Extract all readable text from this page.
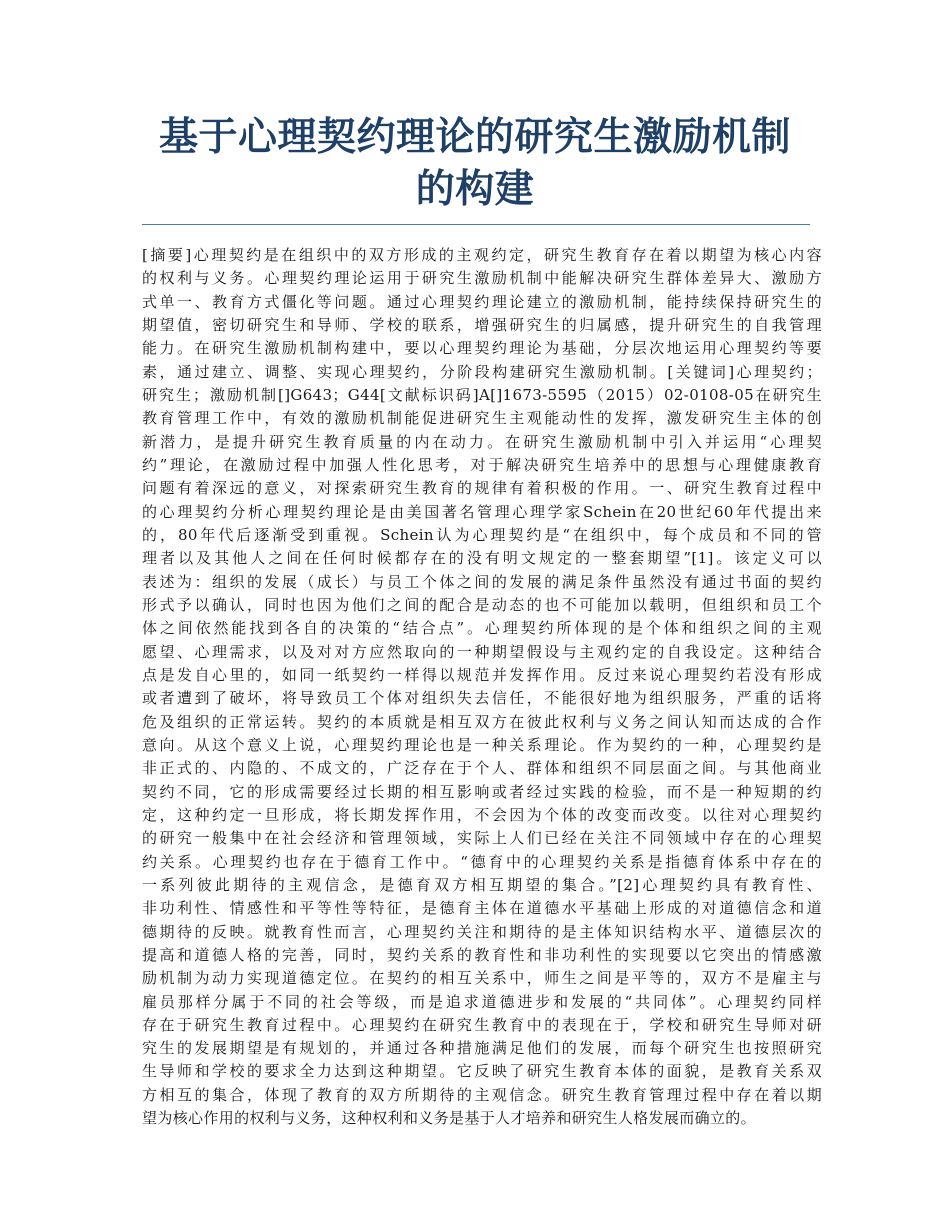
基于心理契约理论的研究生激励机制
的构建
[摘要]心理契约是在组织中的双方形成的主观约定，研究生教育存在着以期望为核心内容
的权利与义务。心理契约理论运用于研究生激励机制中能解决研究生群体差异大、激励方
式单一、教育方式僵化等问题。通过心理契约理论建立的激励机制，能持续保持研究生的
期望值，密切研究生和导师、学校的联系，增强研究生的归属感，提升研究生的自我管理
能力。在研究生激励机制构建中，要以心理契约理论为基础，分层次地运用心理契约等要
素，通过建立、调整、实现心理契约，分阶段构建研究生激励机制。[关键词]心理契约；
研究生；激励机制[]G643；G44[文献标识码]A[]1673-5595（2015）02-0108-05在研究生
教育管理工作中，有效的激励机制能促进研究生主观能动性的发挥，激发研究生主体的创
新潜力，是提升研究生教育质量的内在动力。在研究生激励机制中引入并运用“心理契
约”理论，在激励过程中加强人性化思考，对于解决研究生培养中的思想与心理健康教育
问题有着深远的意义，对探索研究生教育的规律有着积极的作用。一、研究生教育过程中
的心理契约分析心理契约理论是由美国著名管理心理学家Schein在20世纪60年代提出来
的，80年代后逐渐受到重视。Schein认为心理契约是“在组织中，每个成员和不同的管
理者以及其他人之间在任何时候都存在的没有明文规定的一整套期望”[1]。该定义可以
表述为：组织的发展（成长）与员工个体之间的发展的满足条件虽然没有通过书面的契约
形式予以确认，同时也因为他们之间的配合是动态的也不可能加以载明，但组织和员工个
体之间依然能找到各自的决策的“结合点”。心理契约所体现的是个体和组织之间的主观
愿望、心理需求，以及对对方应然取向的一种期望假设与主观约定的自我设定。这种结合
点是发自心里的，如同一纸契约一样得以规范并发挥作用。反过来说心理契约若没有形成
或者遭到了破坏，将导致员工个体对组织失去信任，不能很好地为组织服务，严重的话将
危及组织的正常运转。契约的本质就是相互双方在彼此权利与义务之间认知而达成的合作
意向。从这个意义上说，心理契约理论也是一种关系理论。作为契约的一种，心理契约是
非正式的、内隐的、不成文的，广泛存在于个人、群体和组织不同层面之间。与其他商业
契约不同，它的形成需要经过长期的相互影响或者经过实践的检验，而不是一种短期的约
定，这种约定一旦形成，将长期发挥作用，不会因为个体的改变而改变。以往对心理契约
的研究一般集中在社会经济和管理领域，实际上人们已经在关注不同领域中存在的心理契
约关系。心理契约也存在于德育工作中。“德育中的心理契约关系是指德育体系中存在的
一系列彼此期待的主观信念，是德育双方相互期望的集合。”[2]心理契约具有教育性、
非功利性、情感性和平等性等特征，是德育主体在道德水平基础上形成的对道德信念和道
德期待的反映。就教育性而言，心理契约关注和期待的是主体知识结构水平、道德层次的
提高和道德人格的完善，同时，契约关系的教育性和非功利性的实现要以它突出的情感激
励机制为动力实现道德定位。在契约的相互关系中，师生之间是平等的，双方不是雇主与
雇员那样分属于不同的社会等级，而是追求道德进步和发展的“共同体”。心理契约同样
存在于研究生教育过程中。心理契约在研究生教育中的表现在于，学校和研究生导师对研
究生的发展期望是有规划的，并通过各种措施满足他们的发展，而每个研究生也按照研究
生导师和学校的要求全力达到这种期望。它反映了研究生教育本体的面貌，是教育关系双
方相互的集合，体现了教育的双方所期待的主观信念。研究生教育管理过程中存在着以期
望为核心作用的权利与义务，这种权利和义务是基于人才培养和研究生人格发展而确立的。
